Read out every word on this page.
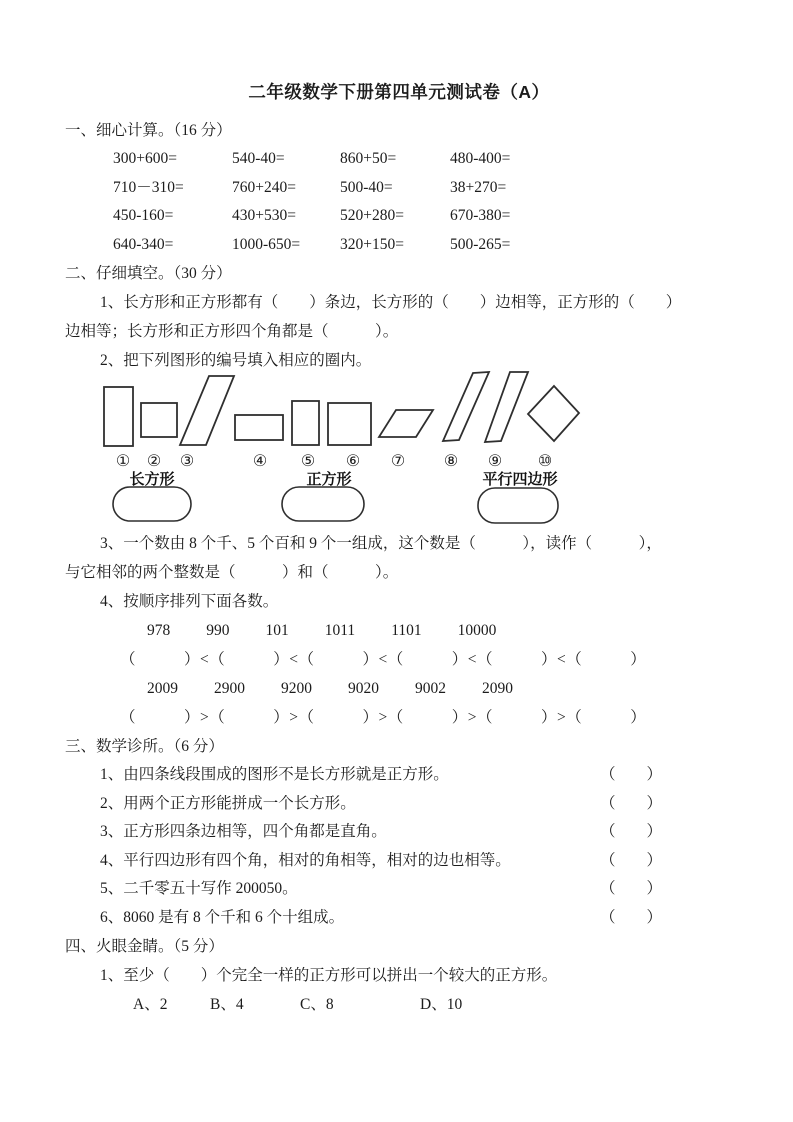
二年级数学下册第四单元测试卷（A）
一、细心计算。（16 分）
300+600=	540-40=	860+50=	480-400=
710－310=	760+240=	500-40=	38+270=
450-160=	430+530=	520+280=	670-380=
640-340=	1000-650=	320+150=	500-265=
二、仔细填空。（30 分）

1、长方形和正方形都有（　　）条边，长方形的（　　）边相等，正方形的（　　）

边相等；长方形和正方形四个角都是（　　　）。

2、把下列图形的编号填入相应的圈内。

① ② ③	④ ⑤ ⑥ ⑦ ⑧ ⑨ ⑩
长方形	正方形	平行四边形

3、一个数由 8 个千、5 个百和 9 个一组成，这个数是（　　　），读作（　　　），

与它相邻的两个整数是（　　　）和（　　　）。

4、按顺序排列下面各数。

978 990 101 1011 1101 10000

（　　　）<（　　　）<（　　　）<（　　　）<（　　　）<（　　　）

2009 2900 9200 9020 9002 2090

（　　　）>（　　　）>（　　　）>（　　　）>（　　　）>（　　　）

三、数学诊所。（6 分）
1、由四条线段围成的图形不是长方形就是正方形。	（　　）
2、用两个正方形能拼成一个长方形。	（　　）
3、正方形四条边相等，四个角都是直角。	（　　）
4、平行四边形有四个角，相对的角相等，相对的边也相等。	（　　）
5、二千零五十写作 200050。	（　　）
6、8060 是有 8 个千和 6 个十组成。	（　　）
四、火眼金睛。（5 分）

1、至少（　　）个完全一样的正方形可以拼出一个较大的正方形。

A、2	B、4	C、8	D、10
